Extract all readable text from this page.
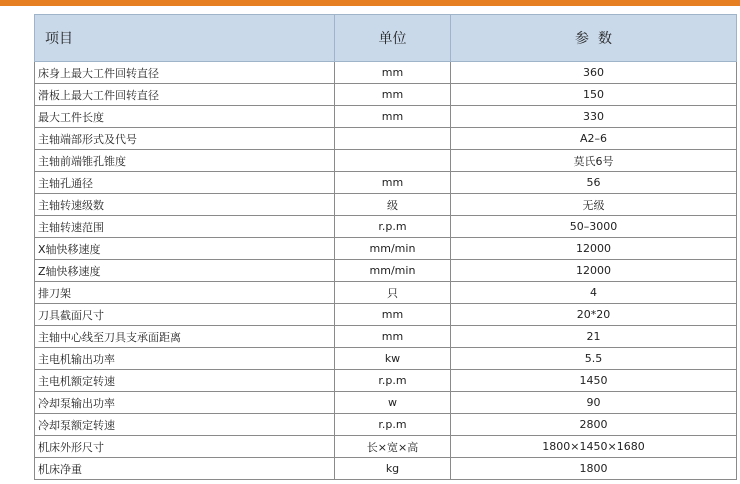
项目	单位	参  数
床身上最大工件回转直径	mm	360
滑板上最大工件回转直径	mm	150
最大工件长度	mm	330
主轴端部形式及代号		A2–6
主轴前端锥孔锥度		莫氏6号
主轴孔通径	mm	56
主轴转速级数	级	无级
主轴转速范围	r.p.m	50–3000
X轴快移速度	mm/min	12000
Z轴快移速度	mm/min	12000
排刀架	只	4
刀具截面尺寸	mm	20*20
主轴中心线至刀具支承面距离	mm	21
主电机输出功率	kw	5.5
主电机额定转速	r.p.m	1450
冷却泵输出功率	w	90
冷却泵额定转速	r.p.m	2800
机床外形尺寸	长×宽×高	1800×1450×1680
机床净重	kg	1800
